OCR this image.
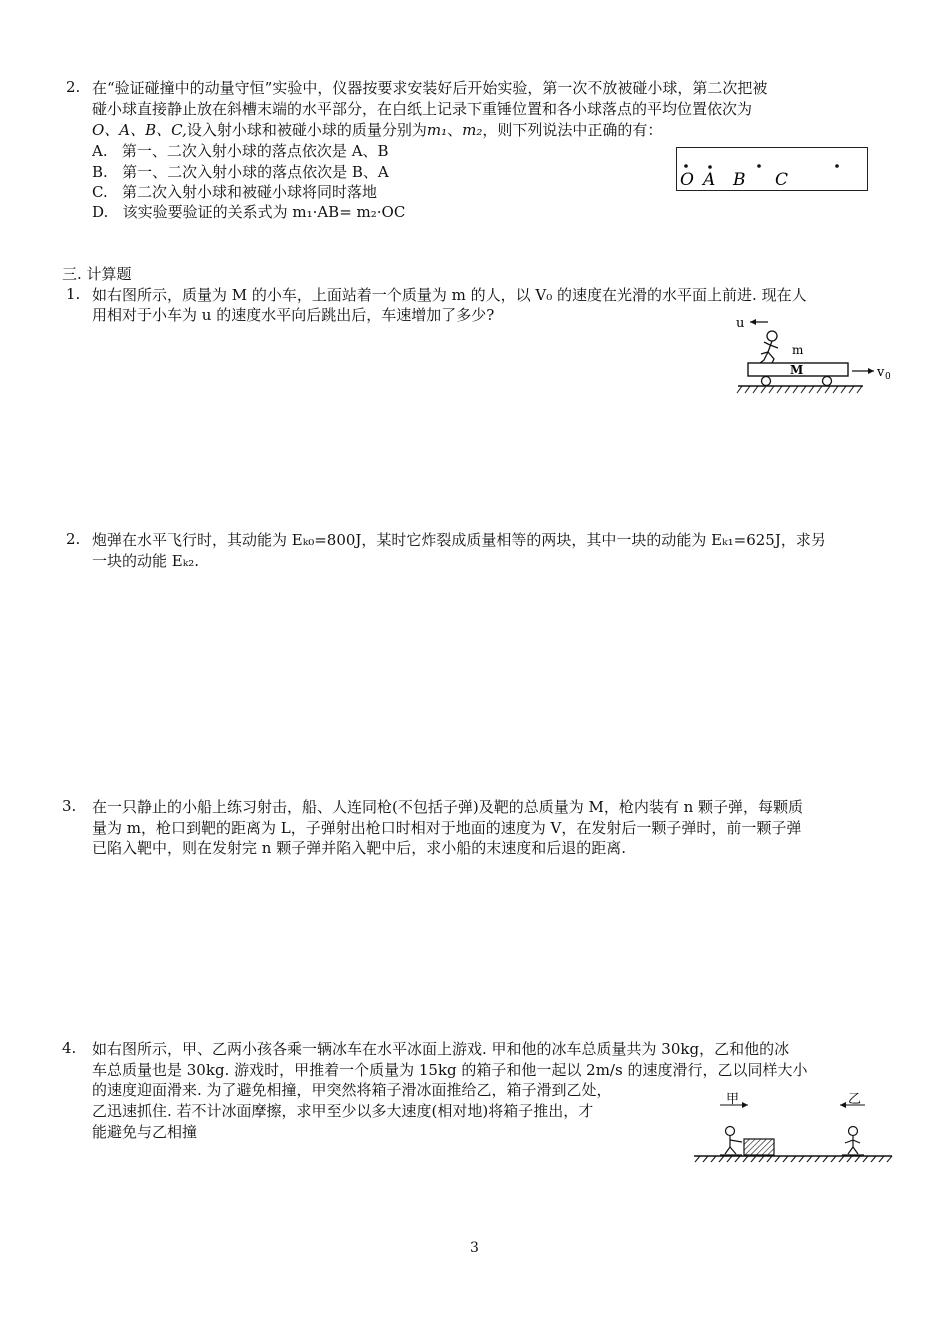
2. 在“验证碰撞中的动量守恒”实验中，仪器按要求安装好后开始实验，第一次不放被碰小球，第二次把被
碰小球直接静止放在斜槽末端的水平部分，在白纸上记录下重锤位置和各小球落点的平均位置依次为
O、A、B、C,设入射小球和被碰小球的质量分别为m₁、m₂，则下列说法中正确的有：
A. 第一、二次入射小球的落点依次是 A、B
B. 第一、二次入射小球的落点依次是 B、A
C. 第二次入射小球和被碰小球将同时落地
D. 该实验要验证的关系式为 m₁·AB= m₂·OC
O A B C
三. 计算题
1. 如右图所示，质量为 M 的小车，上面站着一个质量为 m 的人，以 V₀ 的速度在光滑的水平面上前进. 现在人
用相对于小车为 u 的速度水平向后跳出后，车速增加了多少?	u
m
M	v 0
2. 炮弹在水平飞行时，其动能为 Eₖ₀=800J，某时它炸裂成质量相等的两块，其中一块的动能为 Eₖ₁=625J，求另
一块的动能 Eₖ₂.
3. 在一只静止的小船上练习射击，船、人连同枪(不包括子弹)及靶的总质量为 M，枪内装有 n 颗子弹，每颗质
量为 m，枪口到靶的距离为 L，子弹射出枪口时相对于地面的速度为 V，在发射后一颗子弹时，前一颗子弹
已陷入靶中，则在发射完 n 颗子弹并陷入靶中后，求小船的末速度和后退的距离.
4. 如右图所示，甲、乙两小孩各乘一辆冰车在水平冰面上游戏. 甲和他的冰车总质量共为 30kg，乙和他的冰
车总质量也是 30kg. 游戏时，甲推着一个质量为 15kg 的箱子和他一起以 2m/s 的速度滑行，乙以同样大小
的速度迎面滑来. 为了避免相撞，甲突然将箱子滑冰面推给乙，箱子滑到乙处，
乙迅速抓住. 若不计冰面摩擦，求甲至少以多大速度(相对地)将箱子推出，才
能避免与乙相撞
甲	乙
3
